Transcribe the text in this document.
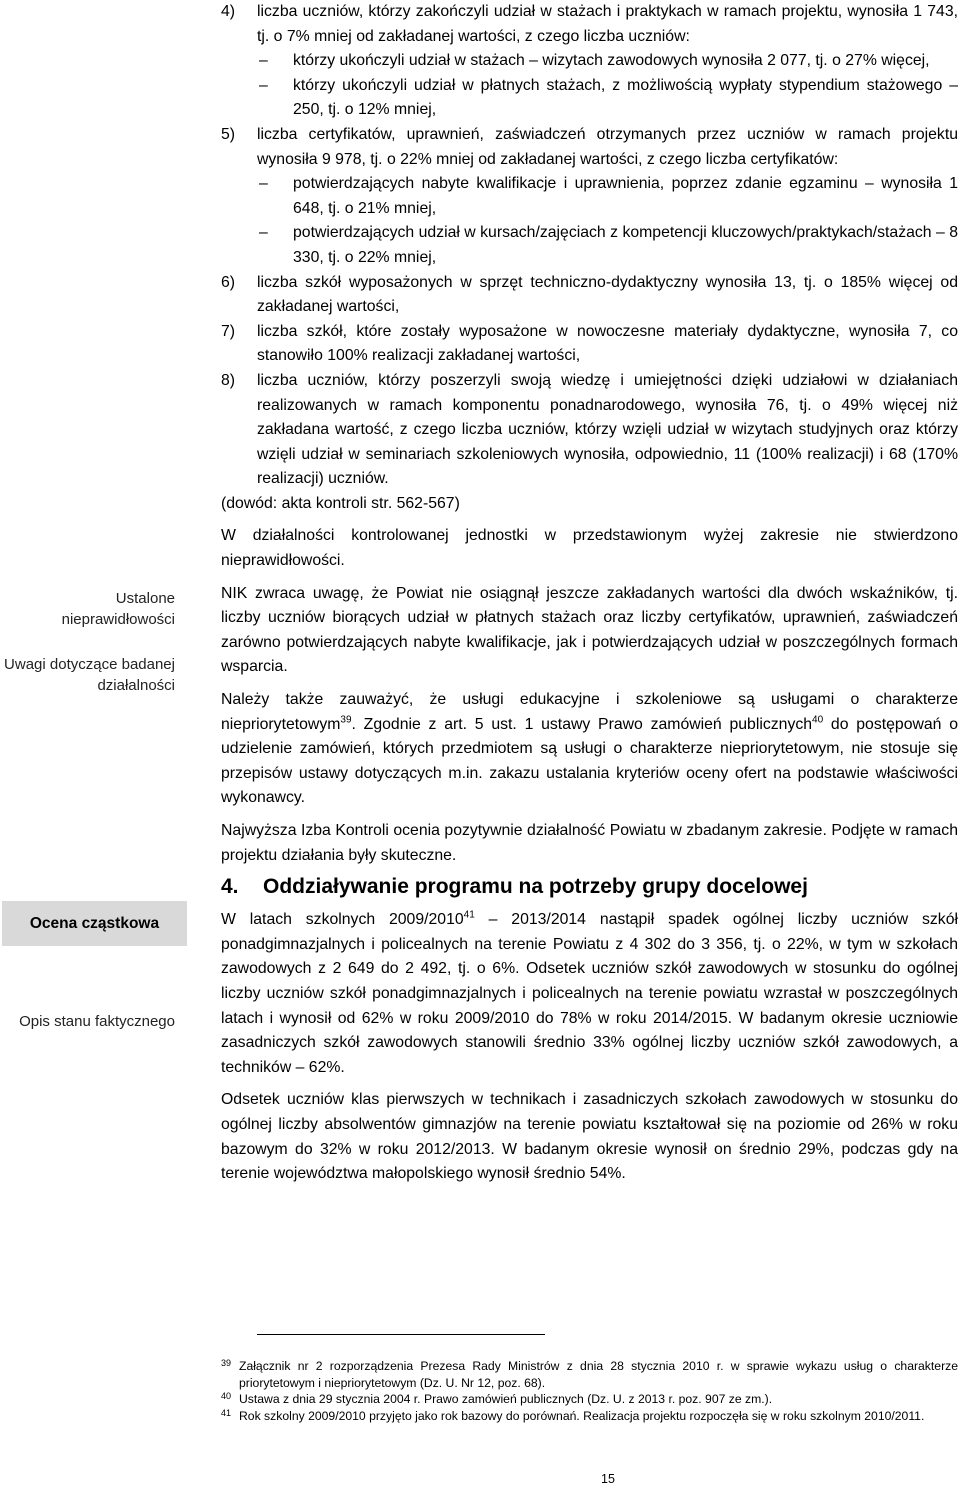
Ustalone nieprawidłowości
Uwagi dotyczące badanej działalności
Ocena cząstkowa
Opis stanu faktycznego
4) liczba uczniów, którzy zakończyli udział w stażach i praktykach w ramach projektu, wynosiła 1 743, tj. o 7% mniej od zakładanej wartości, z czego liczba uczniów:
– którzy ukończyli udział w stażach – wizytach zawodowych wynosiła 2 077, tj. o 27% więcej,
– którzy ukończyli udział w płatnych stażach, z możliwością wypłaty stypendium stażowego – 250, tj. o 12% mniej,
5) liczba certyfikatów, uprawnień, zaświadczeń otrzymanych przez uczniów w ramach projektu wynosiła 9 978, tj. o 22% mniej od zakładanej wartości, z czego liczba certyfikatów:
– potwierdzających nabyte kwalifikacje i uprawnienia, poprzez zdanie egzaminu – wynosiła 1 648, tj. o 21% mniej,
– potwierdzających udział w kursach/zajęciach z kompetencji kluczowych/praktykach/stażach – 8 330, tj. o 22% mniej,
6) liczba szkół wyposażonych w sprzęt techniczno-dydaktyczny wynosiła 13, tj. o 185% więcej od zakładanej wartości,
7) liczba szkół, które zostały wyposażone w nowoczesne materiały dydaktyczne, wynosiła 7, co stanowiło 100% realizacji zakładanej wartości,
8) liczba uczniów, którzy poszerzyli swoją wiedzę i umiejętności dzięki udziałowi w działaniach realizowanych w ramach komponentu ponadnarodowego, wynosiła 76, tj. o 49% więcej niż zakładana wartość, z czego liczba uczniów, którzy wzięli udział w wizytach studyjnych oraz którzy wzięli udział w seminariach szkoleniowych wynosiła, odpowiednio, 11 (100% realizacji) i 68 (170% realizacji) uczniów.

(dowód: akta kontroli str. 562-567)

W działalności kontrolowanej jednostki w przedstawionym wyżej zakresie nie stwierdzono nieprawidłowości.

NIK zwraca uwagę, że Powiat nie osiągnął jeszcze zakładanych wartości dla dwóch wskaźników, tj. liczby uczniów biorących udział w płatnych stażach oraz liczby certyfikatów, uprawnień, zaświadczeń zarówno potwierdzających nabyte kwalifikacje, jak i potwierdzających udział w poszczególnych formach wsparcia.

Należy także zauważyć, że usługi edukacyjne i szkoleniowe są usługami o charakterze niepriorytetowym$^{39}$. Zgodnie z art. 5 ust. 1 ustawy Prawo zamówień publicznych$^{40}$ do postępowań o udzielenie zamówień, których przedmiotem są usługi o charakterze niepriorytetowym, nie stosuje się przepisów ustawy dotyczących m.in. zakazu ustalania kryteriów oceny ofert na podstawie właściwości wykonawcy.

Najwyższa Izba Kontroli ocenia pozytywnie działalność Powiatu w zbadanym zakresie. Podjęte w ramach projektu działania były skuteczne.

4. Oddziaływanie programu na potrzeby grupy docelowej

W latach szkolnych 2009/2010$^{41}$ – 2013/2014 nastąpił spadek ogólnej liczby uczniów szkół ponadgimnazjalnych i policealnych na terenie Powiatu z 4 302 do 3 356, tj. o 22%, w tym w szkołach zawodowych z 2 649 do 2 492, tj. o 6%. Odsetek uczniów szkół zawodowych w stosunku do ogólnej liczby uczniów szkół ponadgimnazjalnych i policealnych na terenie powiatu wzrastał w poszczególnych latach i wynosił od 62% w roku 2009/2010 do 78% w roku 2014/2015. W badanym okresie uczniowie zasadniczych szkół zawodowych stanowili średnio 33% ogólnej liczby uczniów szkół zawodowych, a techników – 62%.

Odsetek uczniów klas pierwszych w technikach i zasadniczych szkołach zawodowych w stosunku do ogólnej liczby absolwentów gimnazjów na terenie powiatu kształtował się na poziomie od 26% w roku bazowym do 32% w roku 2012/2013. W badanym okresie wynosił on średnio 29%, podczas gdy na terenie województwa małopolskiego wynosił średnio 54%.

39 Załącznik nr 2 rozporządzenia Prezesa Rady Ministrów z dnia 28 stycznia 2010 r. w sprawie wykazu usług o charakterze priorytetowym i niepriorytetowym (Dz. U. Nr 12, poz. 68).
40 Ustawa z dnia 29 stycznia 2004 r. Prawo zamówień publicznych (Dz. U. z 2013 r. poz. 907 ze zm.).
41 Rok szkolny 2009/2010 przyjęto jako rok bazowy do porównań. Realizacja projektu rozpoczęła się w roku szkolnym 2010/2011.
15
